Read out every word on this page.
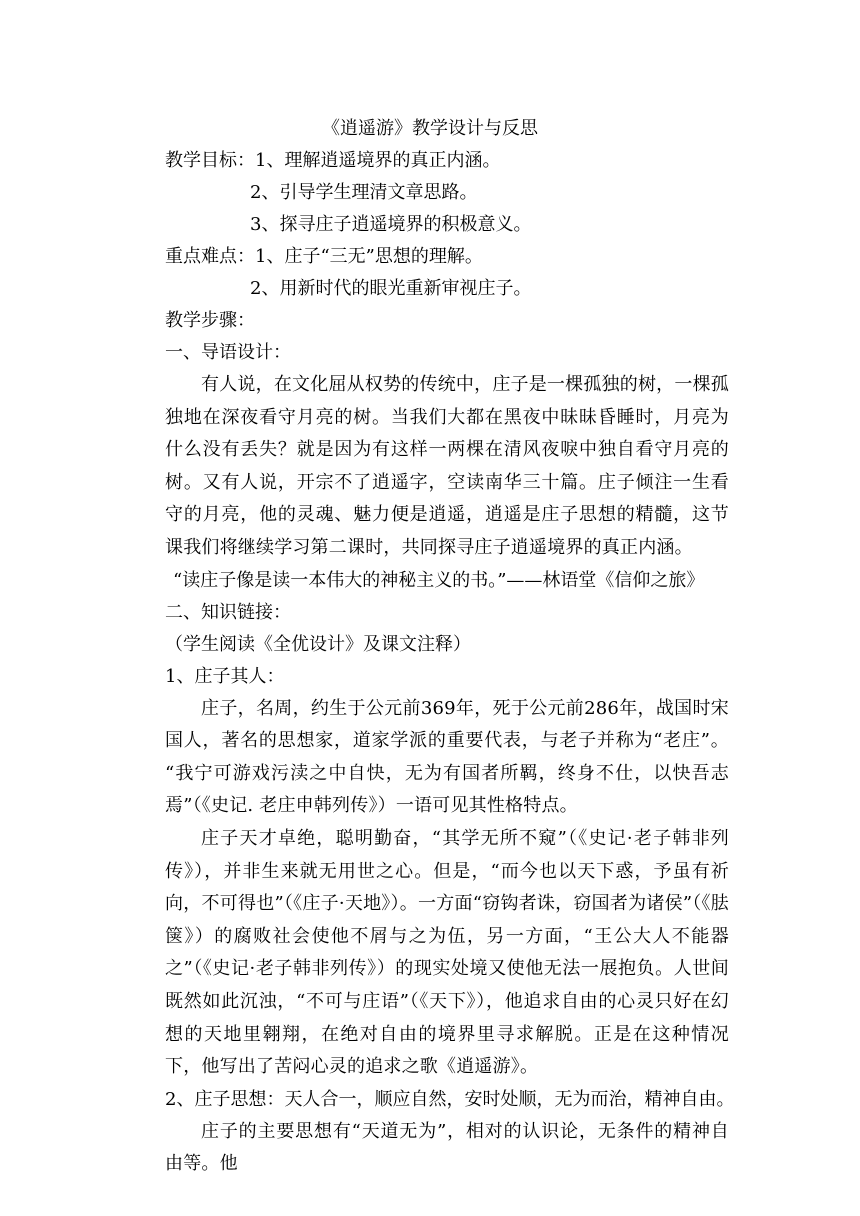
《逍遥游》教学设计与反思
教学目标：1、理解逍遥境界的真正内涵。
2、引导学生理清文章思路。
3、探寻庄子逍遥境界的积极意义。
重点难点：1、庄子“三无”思想的理解。
2、用新时代的眼光重新审视庄子。
教学步骤：
一、导语设计：
有人说，在文化屈从权势的传统中，庄子是一棵孤独的树，一棵孤独地在深夜看守月亮的树。当我们大都在黑夜中昧昧昏睡时，月亮为什么没有丢失？就是因为有这样一两棵在清风夜唳中独自看守月亮的树。又有人说，开宗不了逍遥字，空读南华三十篇。庄子倾注一生看守的月亮，他的灵魂、魅力便是逍遥，逍遥是庄子思想的精髓，这节课我们将继续学习第二课时，共同探寻庄子逍遥境界的真正内涵。
“读庄子像是读一本伟大的神秘主义的书。”——林语堂《信仰之旅》
二、知识链接：
（学生阅读《全优设计》及课文注释）
1、庄子其人：
庄子，名周，约生于公元前369年，死于公元前286年，战国时宋国人，著名的思想家，道家学派的重要代表，与老子并称为“老庄”。 “我宁可游戏污渎之中自快，无为有国者所羁，终身不仕，以快吾志焉”（《史记. 老庄申韩列传》）一语可见其性格特点。
庄子天才卓绝，聪明勤奋，“其学无所不窥”（《史记·老子韩非列传》），并非生来就无用世之心。但是，“而今也以天下惑，予虽有祈向，不可得也”（《庄子·天地》）。一方面“窃钩者诛，窃国者为诸侯”（《胠箧》）的腐败社会使他不屑与之为伍，另一方面，“王公大人不能器之”（《史记·老子韩非列传》）的现实处境又使他无法一展抱负。人世间既然如此沉浊，“不可与庄语”（《天下》），他追求自由的心灵只好在幻想的天地里翱翔，在绝对自由的境界里寻求解脱。正是在这种情况下，他写出了苦闷心灵的追求之歌《逍遥游》。
2、庄子思想：天人合一，顺应自然，安时处顺，无为而治，精神自由。
庄子的主要思想有“天道无为”，相对的认识论，无条件的精神自由等。他
